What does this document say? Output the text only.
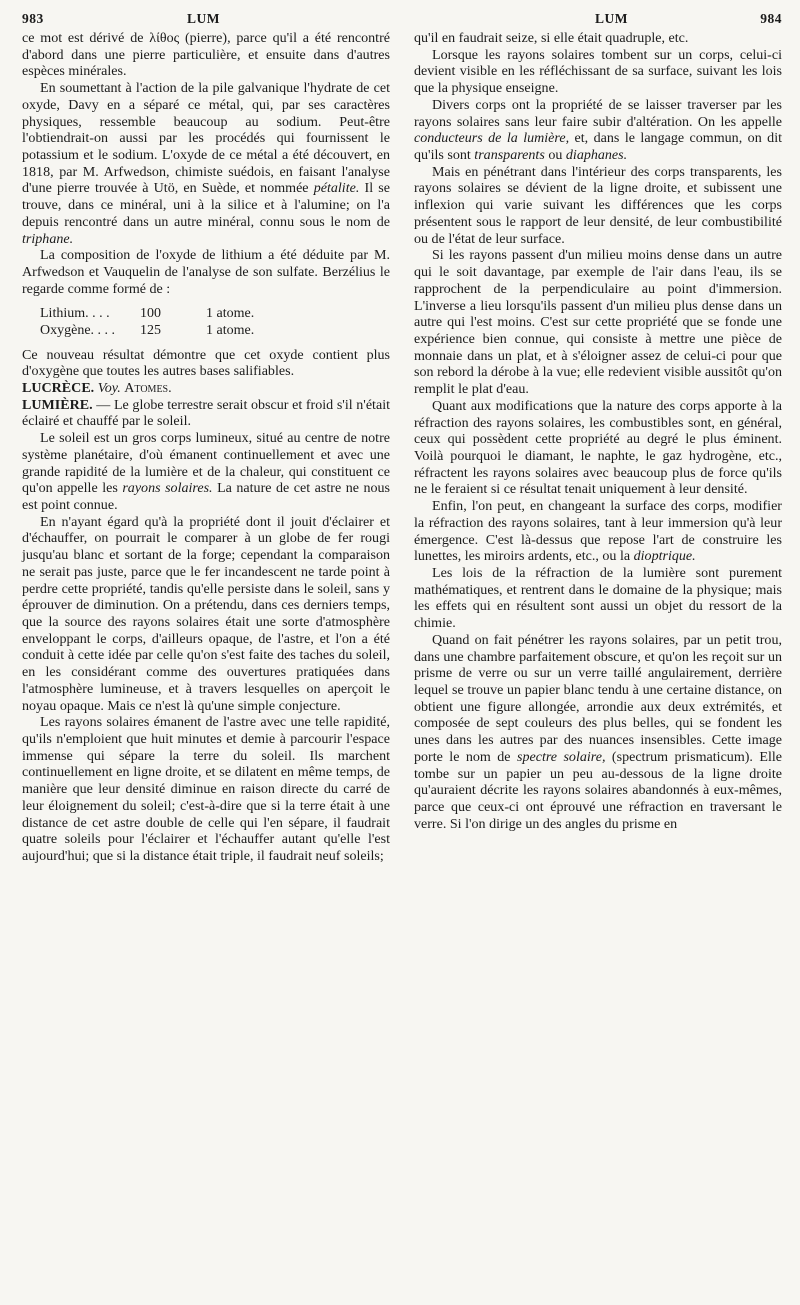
983	LUM	LUM	984

ce mot est dérivé de λίθος (pierre), parce qu'il a été rencontré d'abord dans une pierre particulière, et ensuite dans d'autres espèces minérales.

En soumettant à l'action de la pile galvanique l'hydrate de cet oxyde, Davy en a séparé ce métal, qui, par ses caractères physiques, ressemble beaucoup au sodium. Peut-être l'obtiendrait-on aussi par les procédés qui fournissent le potassium et le sodium. L'oxyde de ce métal a été découvert, en 1818, par M. Arfwedson, chimiste suédois, en faisant l'analyse d'une pierre trouvée à Utö, en Suède, et nommée pétalite. Il se trouve, dans ce minéral, uni à la silice et à l'alumine; on l'a depuis rencontré dans un autre minéral, connu sous le nom de triphane.

La composition de l'oxyde de lithium a été déduite par M. Arfwedson et Vauquelin de l'analyse de son sulfate. Berzélius le regarde comme formé de :

Lithium. . . .	100	1 atome.
Oxygène. . . .	125	1 atome.

Ce nouveau résultat démontre que cet oxyde contient plus d'oxygène que toutes les autres bases salifiables.

LUCRÈCE. Voy. Atomes.

LUMIÈRE. — Le globe terrestre serait obscur et froid s'il n'était éclairé et chauffé par le soleil.

Le soleil est un gros corps lumineux, situé au centre de notre système planétaire, d'où émanent continuellement et avec une grande rapidité de la lumière et de la chaleur, qui constituent ce qu'on appelle les rayons solaires. La nature de cet astre ne nous est point connue.

En n'ayant égard qu'à la propriété dont il jouit d'éclairer et d'échauffer, on pourrait le comparer à un globe de fer rougi jusqu'au blanc et sortant de la forge; cependant la comparaison ne serait pas juste, parce que le fer incandescent ne tarde point à perdre cette propriété, tandis qu'elle persiste dans le soleil, sans y éprouver de diminution. On a prétendu, dans ces derniers temps, que la source des rayons solaires était une sorte d'atmosphère enveloppant le corps, d'ailleurs opaque, de l'astre, et l'on a été conduit à cette idée par celle qu'on s'est faite des taches du soleil, en les considérant comme des ouvertures pratiquées dans l'atmosphère lumineuse, et à travers lesquelles on aperçoit le noyau opaque. Mais ce n'est là qu'une simple conjecture.

Les rayons solaires émanent de l'astre avec une telle rapidité, qu'ils n'emploient que huit minutes et demie à parcourir l'espace immense qui sépare la terre du soleil. Ils marchent continuellement en ligne droite, et se dilatent en même temps, de manière que leur densité diminue en raison directe du carré de leur éloignement du soleil; c'est-à-dire que si la terre était à une distance de cet astre double de celle qui l'en sépare, il faudrait quatre soleils pour l'éclairer et l'échauffer autant qu'elle l'est aujourd'hui; que si la distance était triple, il faudrait neuf soleils;

qu'il en faudrait seize, si elle était quadruple, etc.

Lorsque les rayons solaires tombent sur un corps, celui-ci devient visible en les réfléchissant de sa surface, suivant les lois que la physique enseigne.

Divers corps ont la propriété de se laisser traverser par les rayons solaires sans leur faire subir d'altération. On les appelle conducteurs de la lumière, et, dans le langage commun, on dit qu'ils sont transparents ou diaphanes.

Mais en pénétrant dans l'intérieur des corps transparents, les rayons solaires se dévient de la ligne droite, et subissent une inflexion qui varie suivant les différences que les corps présentent sous le rapport de leur densité, de leur combustibilité ou de l'état de leur surface.

Si les rayons passent d'un milieu moins dense dans un autre qui le soit davantage, par exemple de l'air dans l'eau, ils se rapprochent de la perpendiculaire au point d'immersion. L'inverse a lieu lorsqu'ils passent d'un milieu plus dense dans un autre qui l'est moins. C'est sur cette propriété que se fonde une expérience bien connue, qui consiste à mettre une pièce de monnaie dans un plat, et à s'éloigner assez de celui-ci pour que son rebord la dérobe à la vue; elle redevient visible aussitôt qu'on remplit le plat d'eau.

Quant aux modifications que la nature des corps apporte à la réfraction des rayons solaires, les combustibles sont, en général, ceux qui possèdent cette propriété au degré le plus éminent. Voilà pourquoi le diamant, le naphte, le gaz hydrogène, etc., réfractent les rayons solaires avec beaucoup plus de force qu'ils ne le feraient si ce résultat tenait uniquement à leur densité.

Enfin, l'on peut, en changeant la surface des corps, modifier la réfraction des rayons solaires, tant à leur immersion qu'à leur émergence. C'est là-dessus que repose l'art de construire les lunettes, les miroirs ardents, etc., ou la dioptrique.

Les lois de la réfraction de la lumière sont purement mathématiques, et rentrent dans le domaine de la physique; mais les effets qui en résultent sont aussi un objet du ressort de la chimie.

Quand on fait pénétrer les rayons solaires, par un petit trou, dans une chambre parfaitement obscure, et qu'on les reçoit sur un prisme de verre ou sur un verre taillé angulairement, derrière lequel se trouve un papier blanc tendu à une certaine distance, on obtient une figure allongée, arrondie aux deux extrémités, et composée de sept couleurs des plus belles, qui se fondent les unes dans les autres par des nuances insensibles. Cette image porte le nom de spectre solaire, (spectrum prismaticum). Elle tombe sur un papier un peu au-dessous de la ligne droite qu'auraient décrite les rayons solaires abandonnés à eux-mêmes, parce que ceux-ci ont éprouvé une réfraction en traversant le verre. Si l'on dirige un des angles du prisme en
